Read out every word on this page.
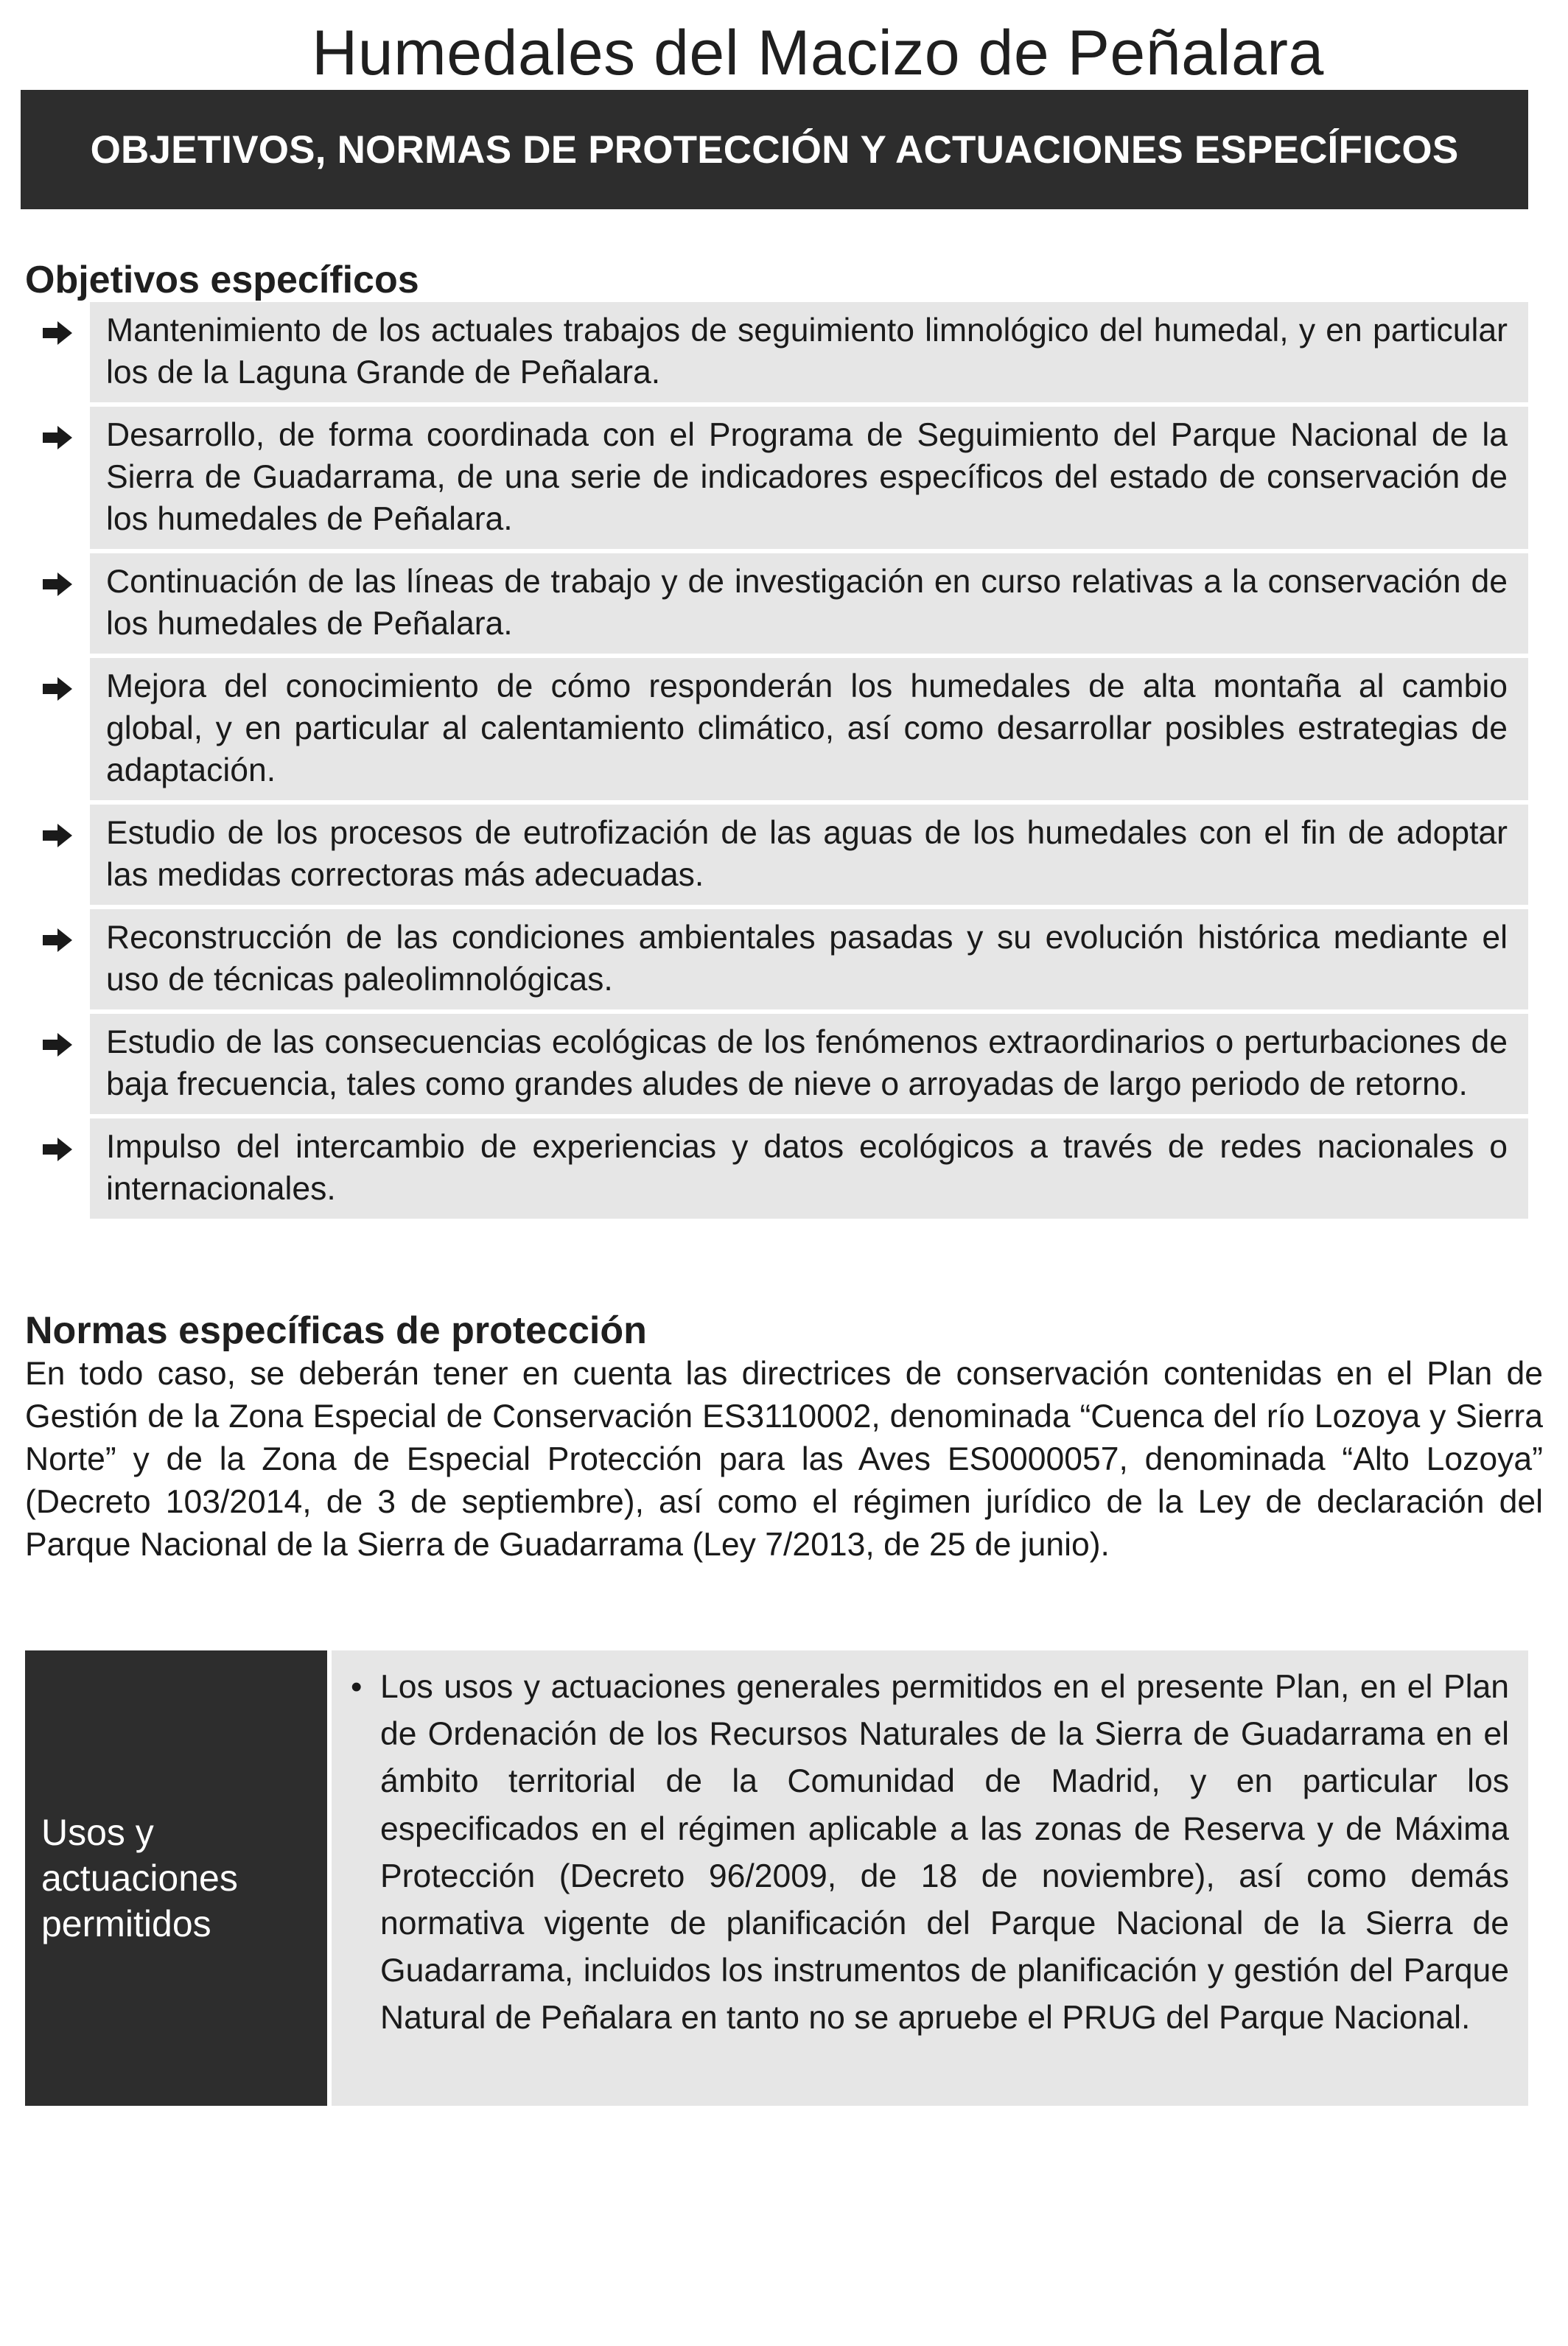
Humedales del Macizo de Peñalara
OBJETIVOS, NORMAS DE PROTECCIÓN Y ACTUACIONES ESPECÍFICOS
Objetivos específicos
Mantenimiento de los actuales trabajos de seguimiento limnológico del humedal, y en particular los de la Laguna Grande de Peñalara.
Desarrollo, de forma coordinada con el Programa de Seguimiento del Parque Nacional de la Sierra de Guadarrama, de una serie de indicadores específicos del estado de conservación de los humedales de Peñalara.
Continuación de las líneas de trabajo y de investigación en curso relativas a la conservación de los humedales de Peñalara.
Mejora del conocimiento de cómo responderán los humedales de alta montaña al cambio global, y en particular al calentamiento climático, así como desarrollar posibles estrategias de adaptación.
Estudio de los procesos de eutrofización de las aguas de los humedales con el fin de adoptar las medidas correctoras más adecuadas.
Reconstrucción de las condiciones ambientales pasadas y su evolución histórica mediante el uso de técnicas paleolimnológicas.
Estudio de las consecuencias ecológicas de los fenómenos extraordinarios o perturbaciones de baja frecuencia, tales como grandes aludes de nieve o arroyadas de largo periodo de retorno.
Impulso del intercambio de experiencias y datos ecológicos a través de redes nacionales o internacionales.
Normas específicas de protección
En todo caso, se deberán tener en cuenta las directrices de conservación contenidas en el Plan de Gestión de la Zona Especial de Conservación ES3110002, denominada “Cuenca del río Lozoya y Sierra Norte” y de la Zona de Especial Protección para las Aves ES0000057, denominada “Alto Lozoya” (Decreto 103/2014, de 3 de septiembre), así como el régimen jurídico de la Ley de declaración del Parque Nacional de la Sierra de Guadarrama (Ley 7/2013, de 25 de junio).
Usos y actuaciones permitidos
• Los usos y actuaciones generales permitidos en el presente Plan, en el Plan de Ordenación de los Recursos Naturales de la Sierra de Guadarrama en el ámbito territorial de la Comunidad de Madrid, y en particular los especificados en el régimen aplicable a las zonas de Reserva y de Máxima Protección (Decreto 96/2009, de 18 de noviembre), así como demás normativa vigente de planificación del Parque Nacional de la Sierra de Guadarrama, incluidos los instrumentos de planificación y gestión del Parque Natural de Peñalara en tanto no se apruebe el PRUG del Parque Nacional.
